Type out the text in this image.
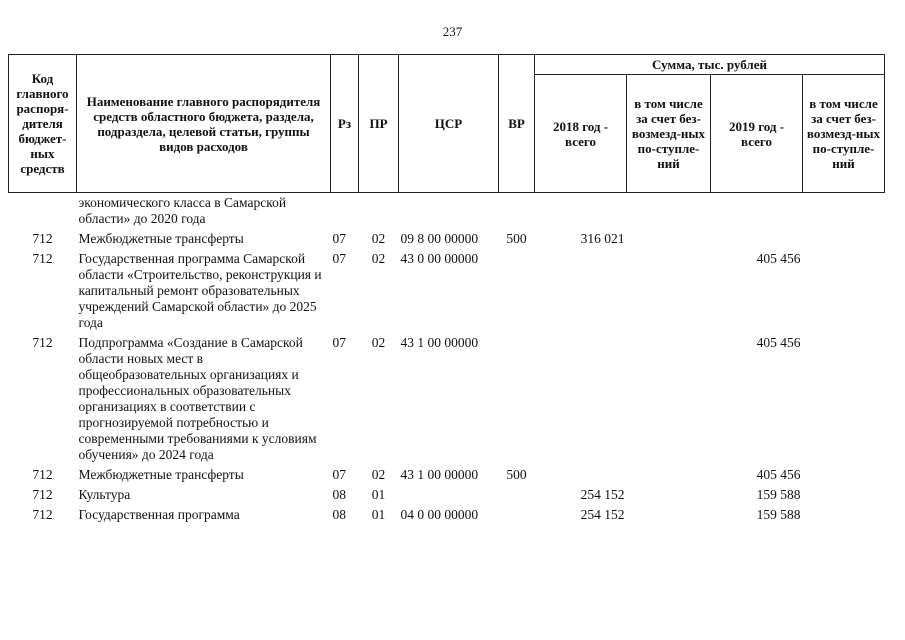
237
Код главного распоря-дителя бюджет-ных средств	Наименование главного распорядителя средств областного бюджета, раздела, подраздела, целевой статьи, группы видов расходов	Рз	ПР	ЦСР	ВР	Сумма, тыс. рублей			
						2018 год - всего	в том числе за счет без-возмезд-ных по-ступле-ний	2019 год - всего	в том числе за счет без-возмезд-ных по-ступле-ний
	экономического класса в Самарской области» до 2020 года								
712	Межбюджетные трансферты	07	02	09 8 00 00000	500	316 021			
712	Государственная программа Самарской области «Строительство, реконструкция и капитальный ремонт образовательных учреждений Самарской области» до 2025 года	07	02	43 0 00 00000				405 456	
712	Подпрограмма «Создание в Самарской области новых мест в общеобразовательных организациях и профессиональных образовательных организациях в соответствии с прогнозируемой потребностью и современными требованиями к условиям обучения» до 2024 года	07	02	43 1 00 00000				405 456	
712	Межбюджетные трансферты	07	02	43 1 00 00000	500			405 456	
712	Культура	08	01			254 152		159 588	
712	Государственная программа	08	01	04 0 00 00000		254 152		159 588	
